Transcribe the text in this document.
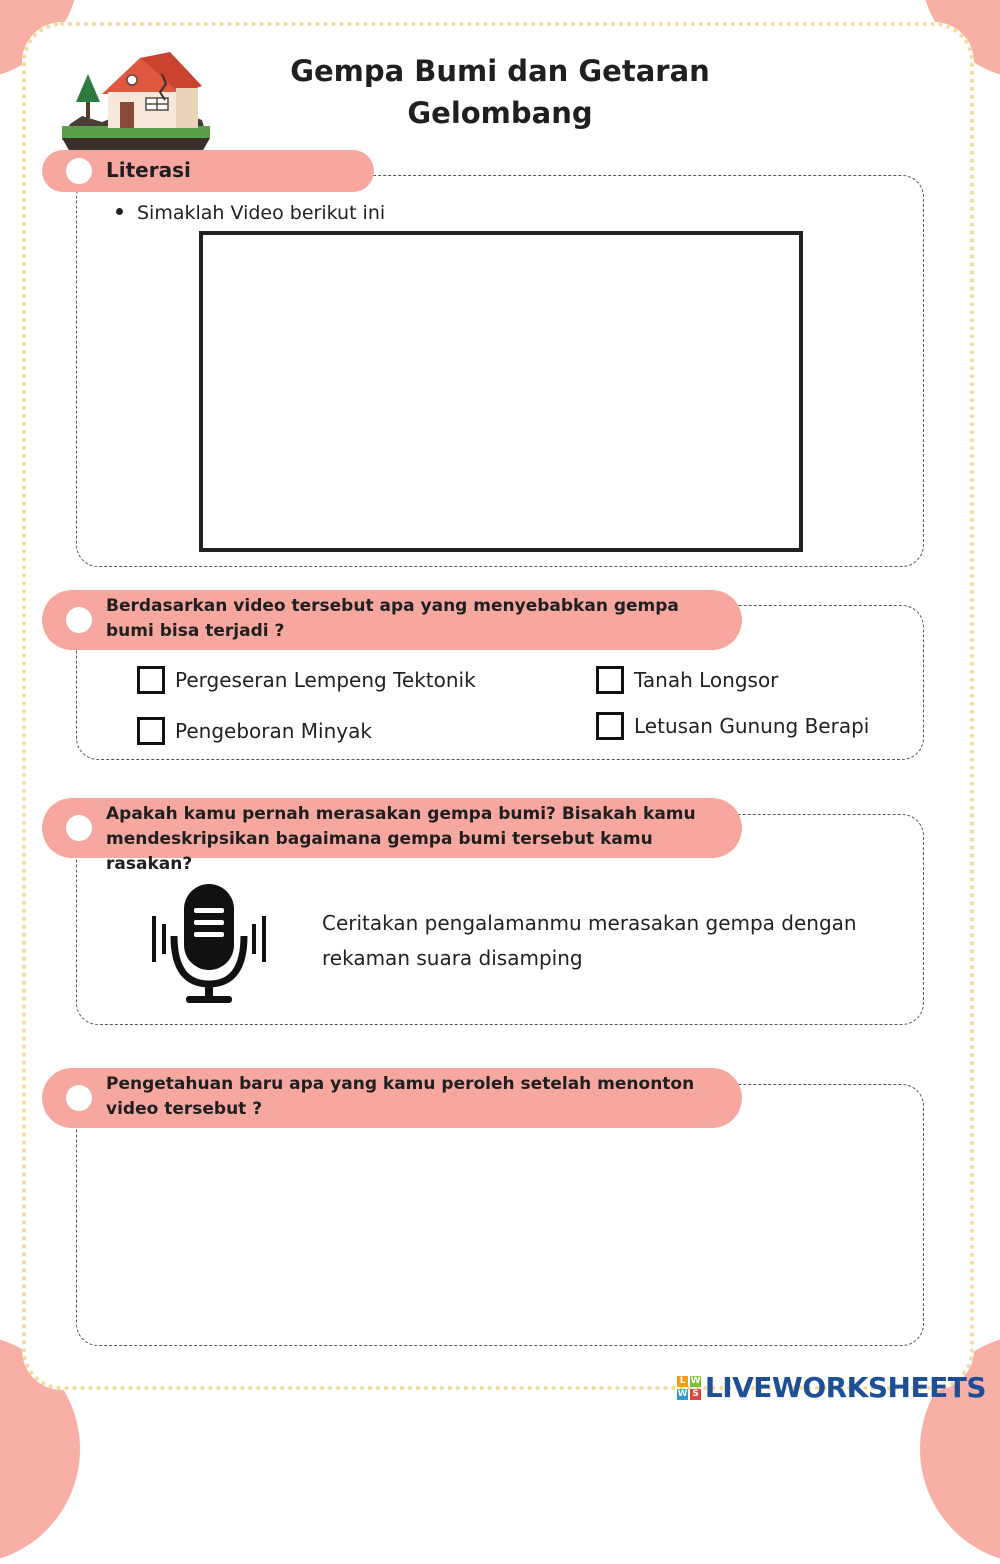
Gempa Bumi dan Getaran
Gelombang
Literasi
Simaklah Video berikut ini
Berdasarkan video tersebut apa yang menyebabkan gempa
bumi bisa terjadi ?
Pergeseran Lempeng Tektonik	Tanah Longsor
Pengeboran Minyak	Letusan Gunung Berapi
Apakah kamu pernah merasakan gempa bumi? Bisakah kamu
mendeskripsikan bagaimana gempa bumi tersebut kamu rasakan?
Ceritakan pengalamanmu merasakan gempa dengan
rekaman suara disamping
Pengetahuan baru apa yang kamu peroleh setelah menonton
video tersebut ?
L W
W S LIVEWORKSHEETS
